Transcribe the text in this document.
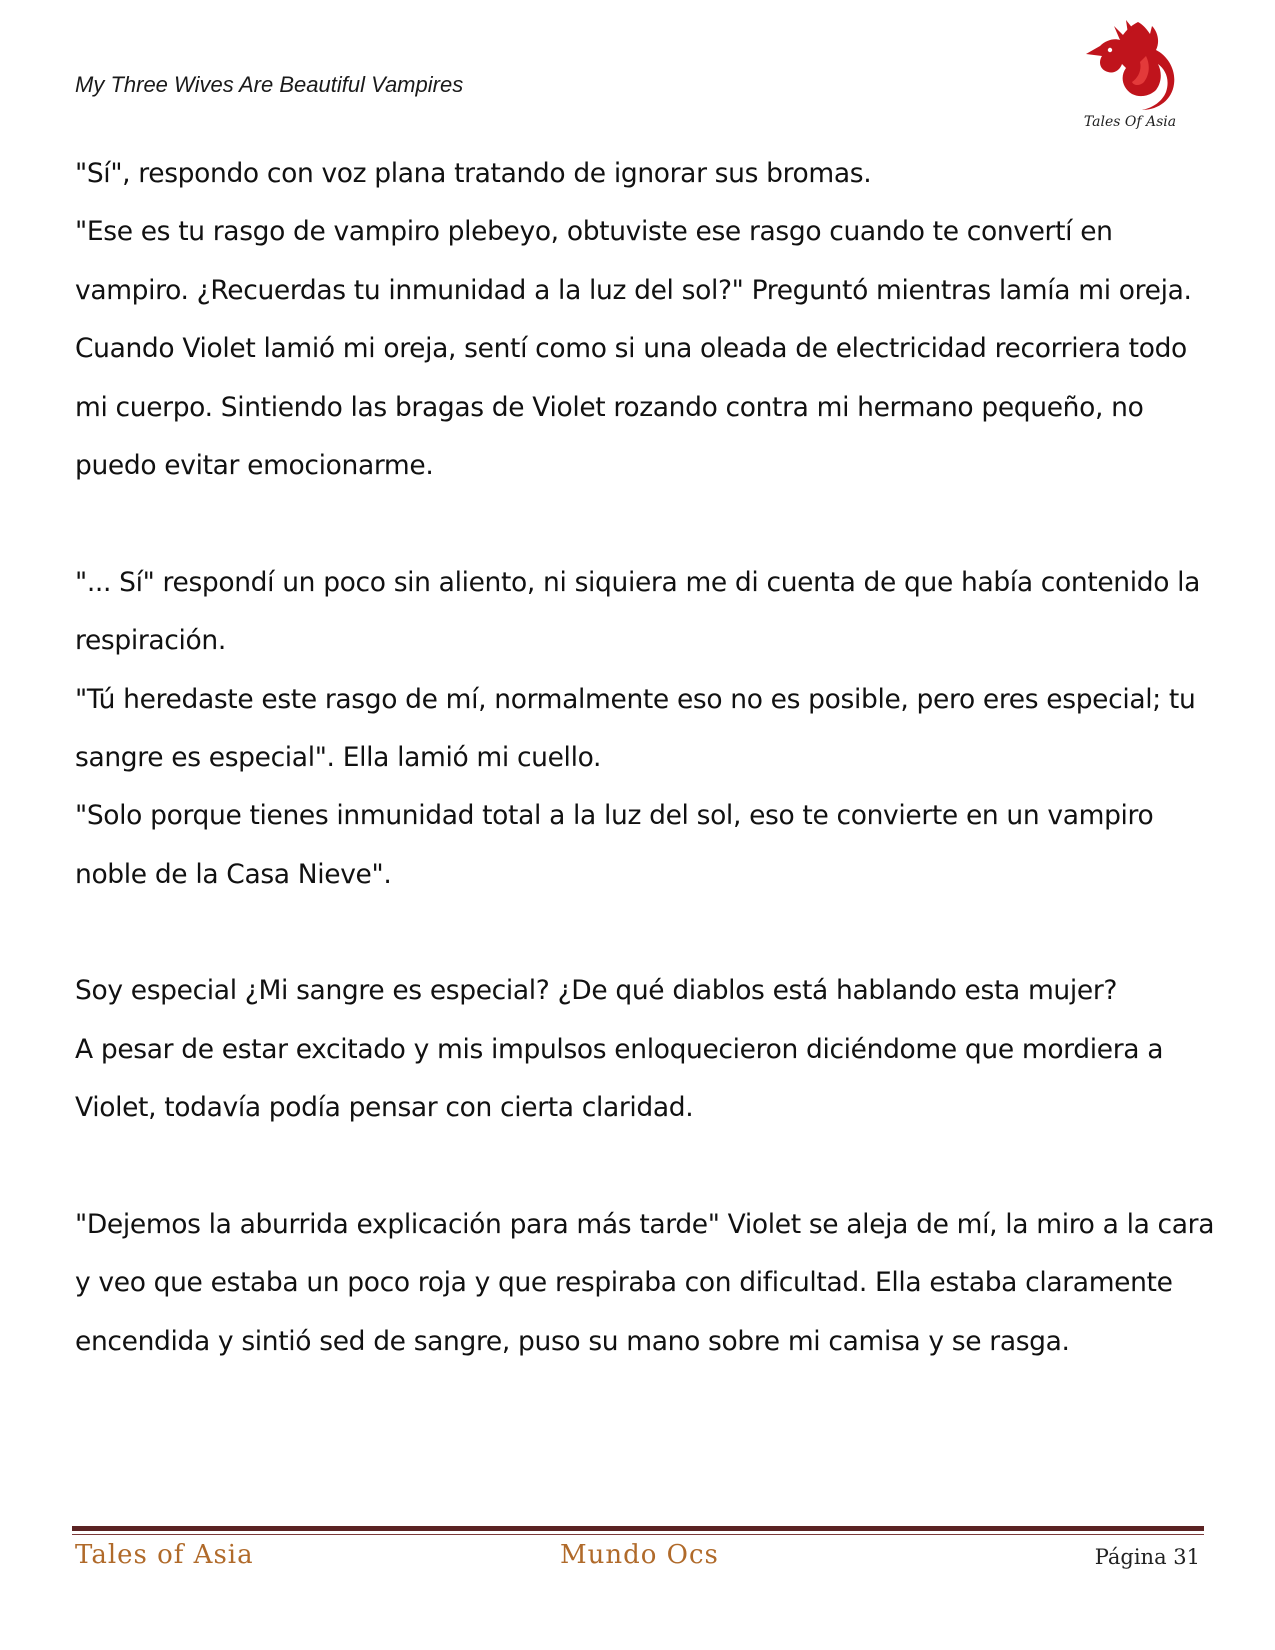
My Three Wives Are Beautiful Vampires
Tales Of Asia
"Sí", respondo con voz plana tratando de ignorar sus bromas.
"Ese es tu rasgo de vampiro plebeyo, obtuviste ese rasgo cuando te convertí en
vampiro. ¿Recuerdas tu inmunidad a la luz del sol?" Preguntó mientras lamía mi oreja.
Cuando Violet lamió mi oreja, sentí como si una oleada de electricidad recorriera todo
mi cuerpo. Sintiendo las bragas de Violet rozando contra mi hermano pequeño, no
puedo evitar emocionarme.
"... Sí" respondí un poco sin aliento, ni siquiera me di cuenta de que había contenido la
respiración.
"Tú heredaste este rasgo de mí, normalmente eso no es posible, pero eres especial; tu
sangre es especial". Ella lamió mi cuello.
"Solo porque tienes inmunidad total a la luz del sol, eso te convierte en un vampiro
noble de la Casa Nieve".
Soy especial ¿Mi sangre es especial? ¿De qué diablos está hablando esta mujer?
A pesar de estar excitado y mis impulsos enloquecieron diciéndome que mordiera a
Violet, todavía podía pensar con cierta claridad.
"Dejemos la aburrida explicación para más tarde" Violet se aleja de mí, la miro a la cara
y veo que estaba un poco roja y que respiraba con dificultad. Ella estaba claramente
encendida y sintió sed de sangre, puso su mano sobre mi camisa y se rasga.
Tales of Asia	Mundo Ocs	Página 31
